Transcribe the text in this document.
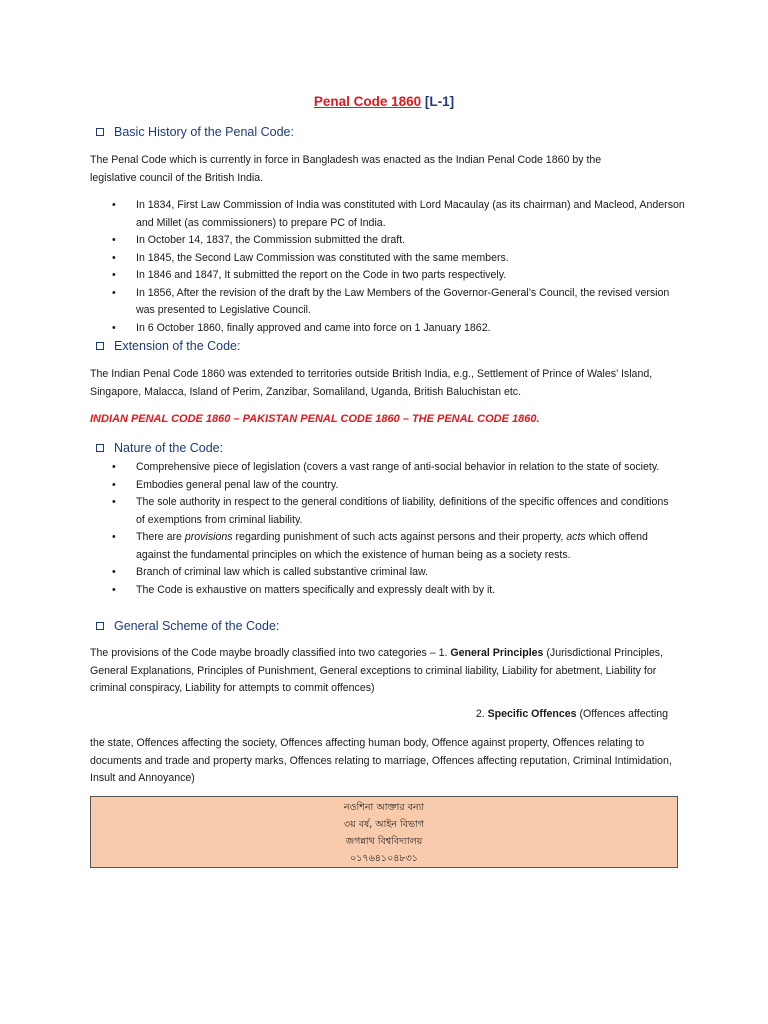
Penal Code 1860 [L-1]
Basic History of the Penal Code:
The Penal Code which is currently in force in Bangladesh was enacted as the Indian Penal Code 1860 by the legislative council of the British India.
• In 1834, First Law Commission of India was constituted with Lord Macaulay (as its chairman) and Macleod, Anderson and Millet (as commissioners) to prepare PC of India.
• In October 14, 1837, the Commission submitted the draft.
• In 1845, the Second Law Commission was constituted with the same members.
• In 1846 and 1847, It submitted the report on the Code in two parts respectively.
• In 1856, After the revision of the draft by the Law Members of the Governor-General’s Council, the revised version was presented to Legislative Council.
• In 6 October 1860, finally approved and came into force on 1 January 1862.
Extension of the Code:
The Indian Penal Code 1860 was extended to territories outside British India, e.g., Settlement of Prince of Wales’ Island, Singapore, Malacca, Island of Perim, Zanzibar, Somaliland, Uganda, British Baluchistan etc.
INDIAN PENAL CODE 1860 – PAKISTAN PENAL CODE 1860 – THE PENAL CODE 1860.
Nature of the Code:
• Comprehensive piece of legislation (covers a vast range of anti-social behavior in relation to the state of society.
• Embodies general penal law of the country.
• The sole authority in respect to the general conditions of liability, definitions of the specific offences and conditions of exemptions from criminal liability.
• There are provisions regarding punishment of such acts against persons and their property, acts which offend against the fundamental principles on which the existence of human being as a society rests.
• Branch of criminal law which is called substantive criminal law.
• The Code is exhaustive on matters specifically and expressly dealt with by it.
General Scheme of the Code:
The provisions of the Code maybe broadly classified into two categories – 1. General Principles (Jurisdictional Principles, General Explanations, Principles of Punishment, General exceptions to criminal liability, Liability for abetment, Liability for criminal conspiracy, Liability for attempts to commit offences)
2. Specific Offences (Offences affecting
the state, Offences affecting the society, Offences affecting human body, Offence against property, Offences relating to documents and trade and property marks, Offences relating to marriage, Offences affecting reputation, Criminal Intimidation, Insult and Annoyance)
নওশিনা আক্তার বন্যা
৩য় বর্ষ, আইন বিভাগ
জগন্নাথ বিশ্ববিদ্যালয়
০১৭৬৪১০৪৮৩১
